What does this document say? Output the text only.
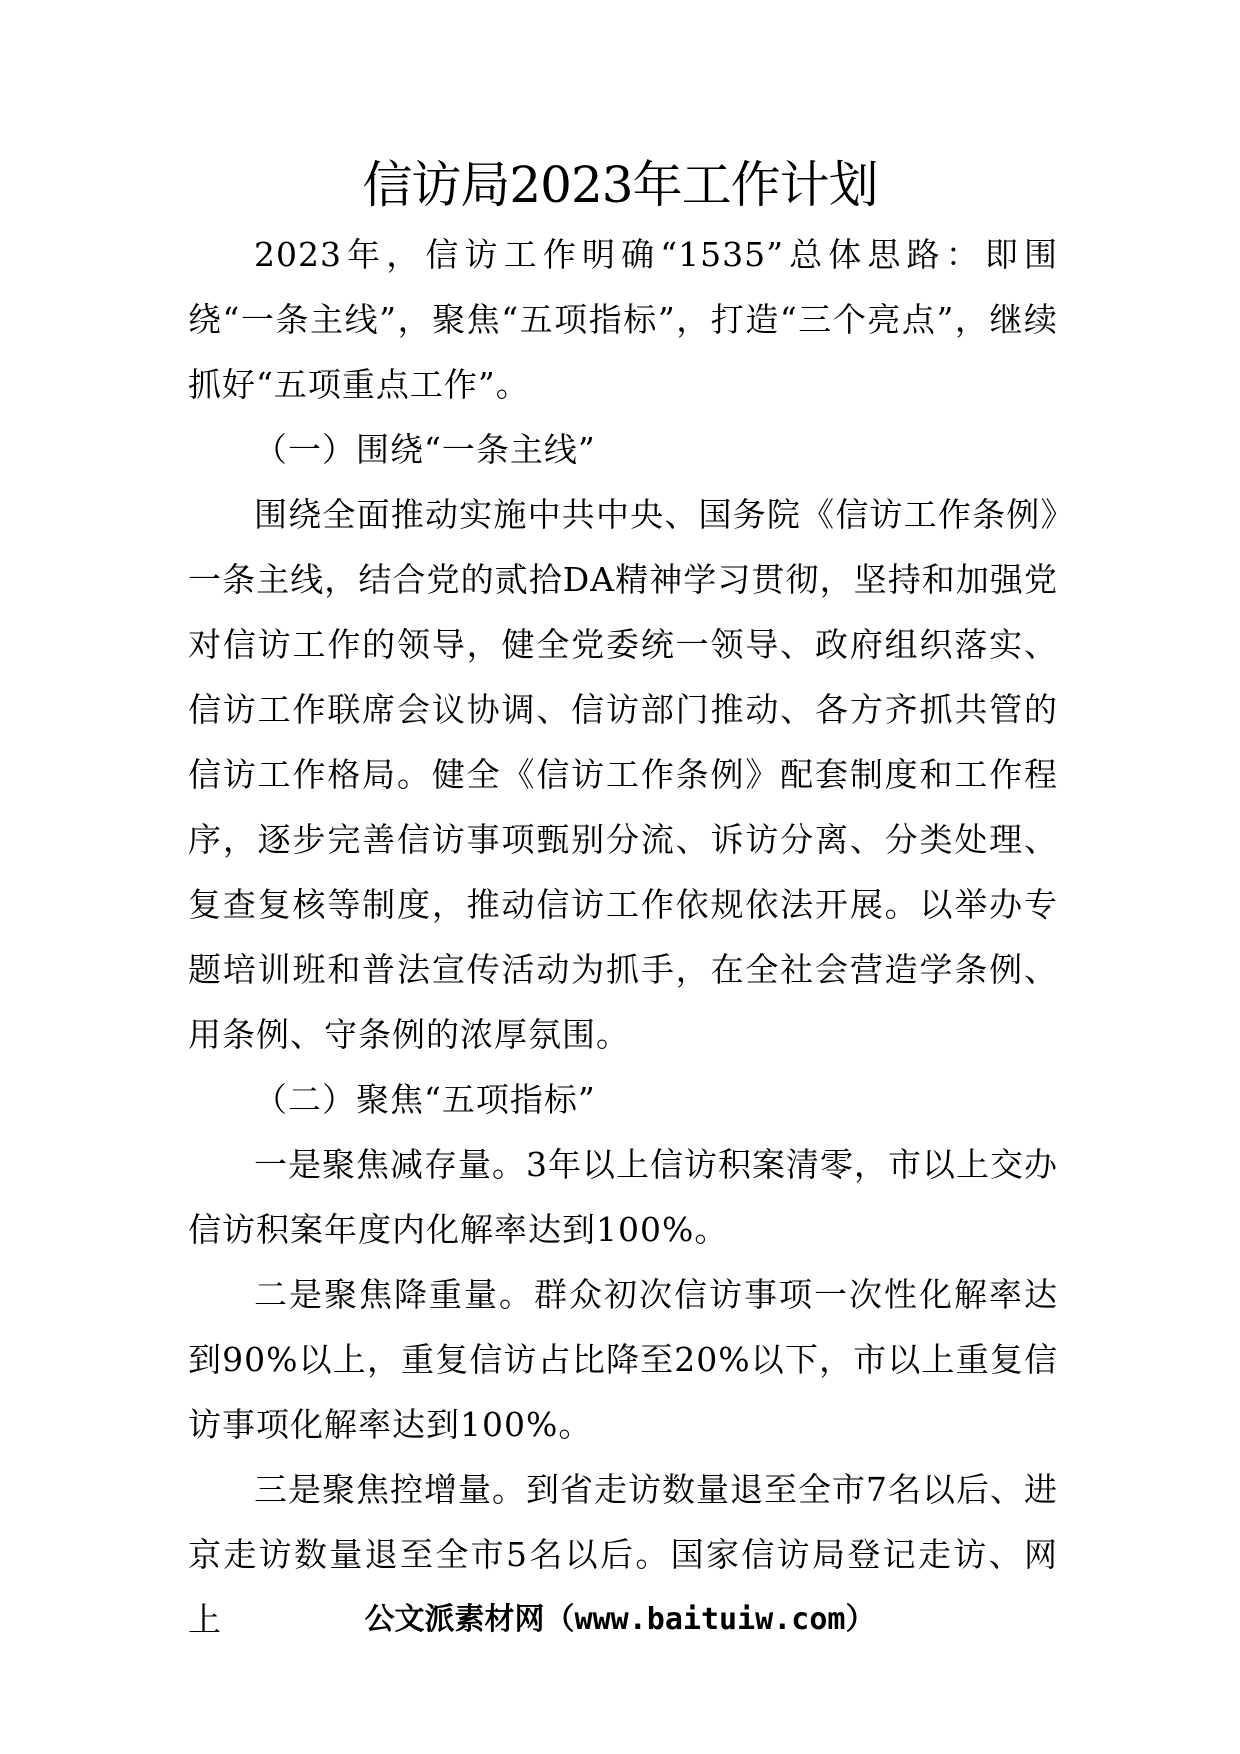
信访局2023年工作计划

2023年，信访工作明确“1535”总体思路：即围绕“一条主线”，聚焦“五项指标”，打造“三个亮点”，继续抓好“五项重点工作”。

（一）围绕“一条主线”

围绕全面推动实施中共中央、国务院《信访工作条例》一条主线，结合党的贰拾DA精神学习贯彻，坚持和加强党对信访工作的领导，健全党委统一领导、政府组织落实、信访工作联席会议协调、信访部门推动、各方齐抓共管的信访工作格局。健全《信访工作条例》配套制度和工作程序，逐步完善信访事项甄别分流、诉访分离、分类处理、复查复核等制度，推动信访工作依规依法开展。以举办专题培训班和普法宣传活动为抓手，在全社会营造学条例、用条例、守条例的浓厚氛围。

（二）聚焦“五项指标”

一是聚焦减存量。3年以上信访积案清零，市以上交办信访积案年度内化解率达到100%。

二是聚焦降重量。群众初次信访事项一次性化解率达到90%以上，重复信访占比降至20%以下，市以上重复信访事项化解率达到100%。

三是聚焦控增量。到省走访数量退至全市7名以后、进京走访数量退至全市5名以后。国家信访局登记走访、网上	公文派素材网（www.baituiw.com）
